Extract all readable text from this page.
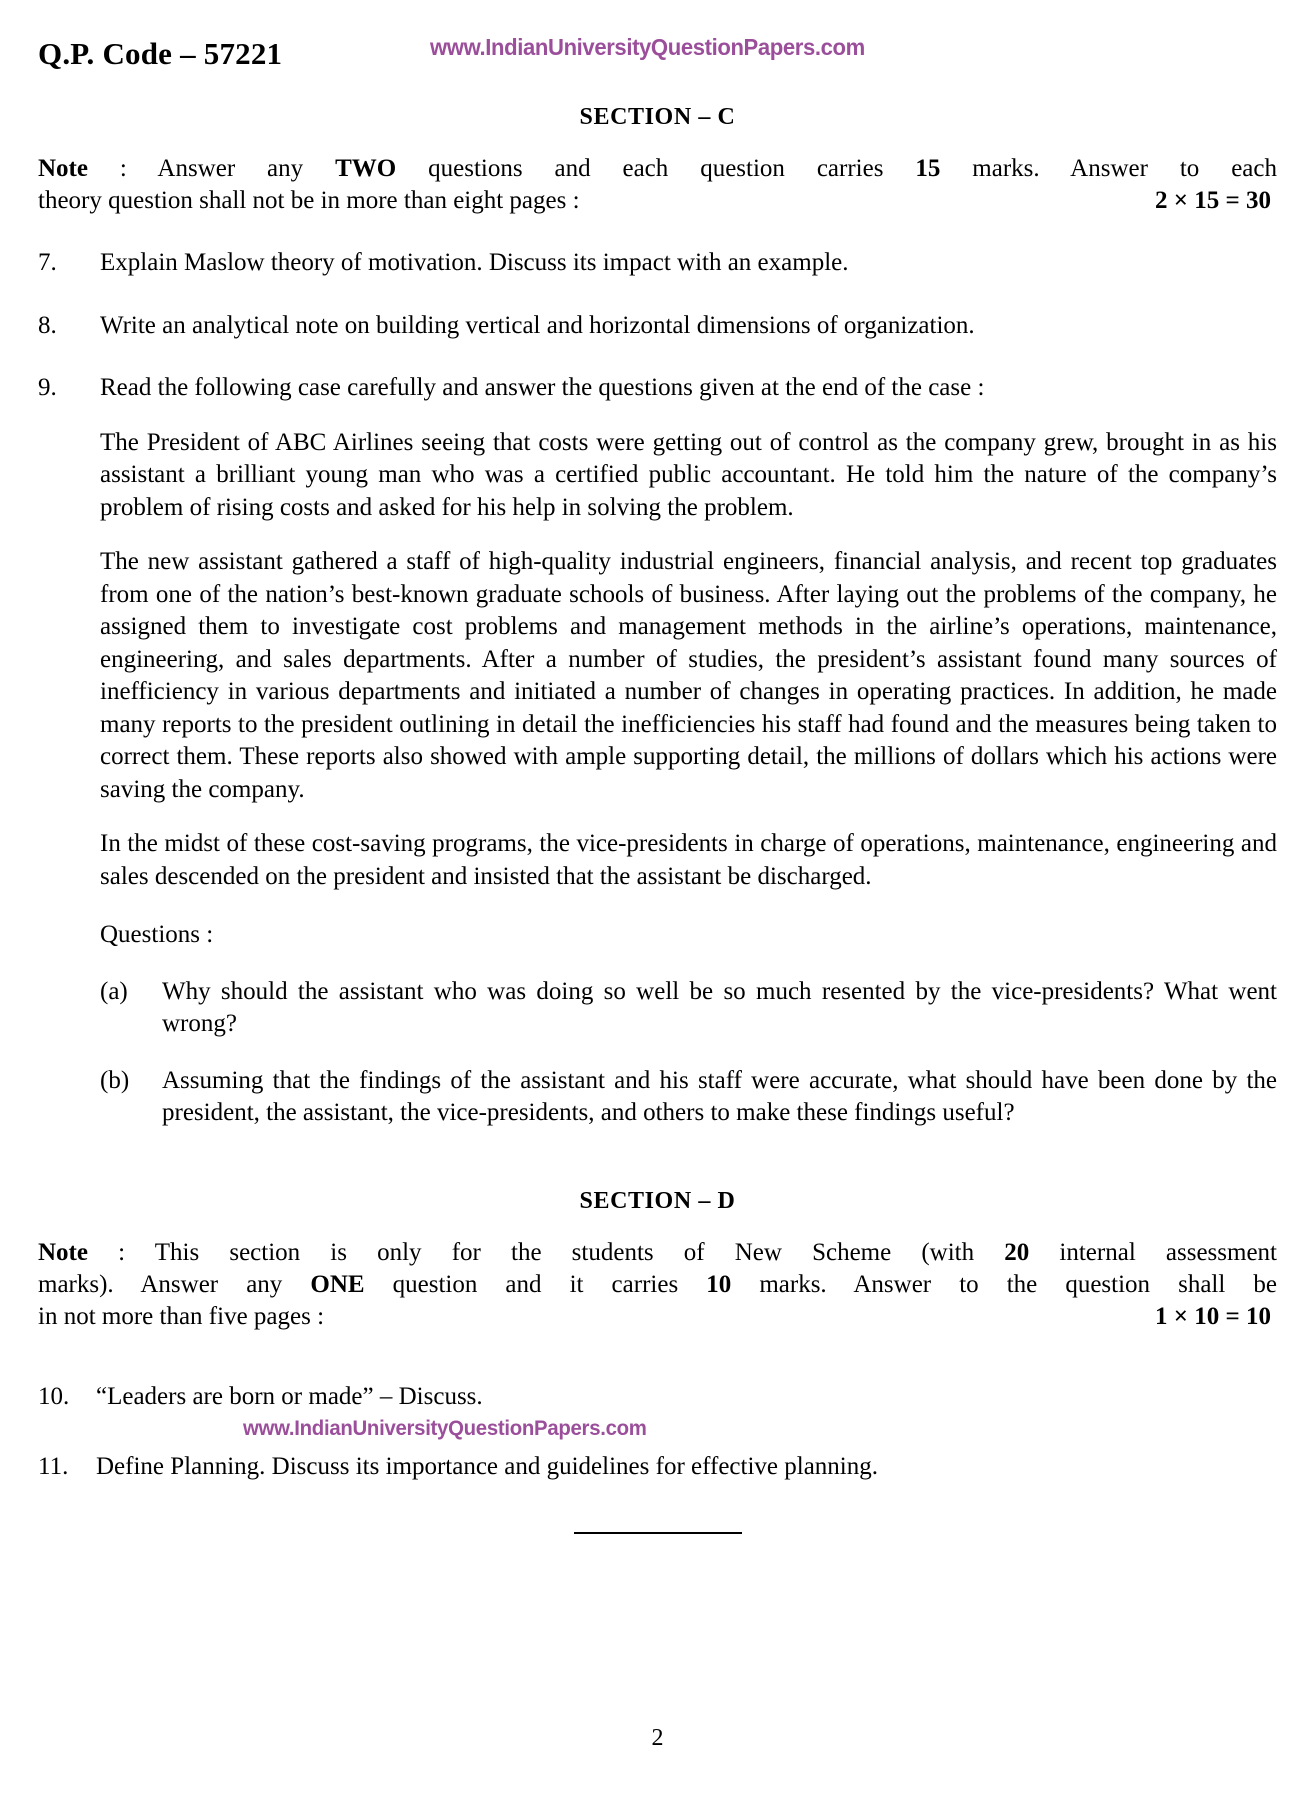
Q.P. Code – 57221	www.IndianUniversityQuestionPapers.com
SECTION – C
Note : Answer any TWO questions and each question carries 15 marks. Answer to each
theory question shall not be in more than eight pages :	2 × 15 = 30
7.	Explain Maslow theory of motivation. Discuss its impact with an example.
8.	Write an analytical note on building vertical and horizontal dimensions of organization.
9.	Read the following case carefully and answer the questions given at the end of the case :

The President of ABC Airlines seeing that costs were getting out of control as the company grew, brought in as his assistant a brilliant young man who was a certified public accountant. He told him the nature of the company’s problem of rising costs and asked for his help in solving the problem.

The new assistant gathered a staff of high-quality industrial engineers, financial analysis, and recent top graduates from one of the nation’s best-known graduate schools of business. After laying out the problems of the company, he assigned them to investigate cost problems and management methods in the airline’s operations, maintenance, engineering, and sales departments. After a number of studies, the president’s assistant found many sources of inefficiency in various departments and initiated a number of changes in operating practices. In addition, he made many reports to the president outlining in detail the inefficiencies his staff had found and the measures being taken to correct them. These reports also showed with ample supporting detail, the millions of dollars which his actions were saving the company.

In the midst of these cost-saving programs, the vice-presidents in charge of operations, maintenance, engineering and sales descended on the president and insisted that the assistant be discharged.

Questions :
(a)	Why should the assistant who was doing so well be so much resented by the vice-presidents? What went wrong?
(b)	Assuming that the findings of the assistant and his staff were accurate, what should have been done by the president, the assistant, the vice-presidents, and others to make these findings useful?
SECTION – D
Note : This section is only for the students of New Scheme (with 20 internal assessment
marks). Answer any ONE question and it carries 10 marks. Answer to the question shall be
in not more than five pages :	1 × 10 = 10
10.	“Leaders are born or made” – Discuss.
www.IndianUniversityQuestionPapers.com
11.	Define Planning. Discuss its importance and guidelines for effective planning.
2
